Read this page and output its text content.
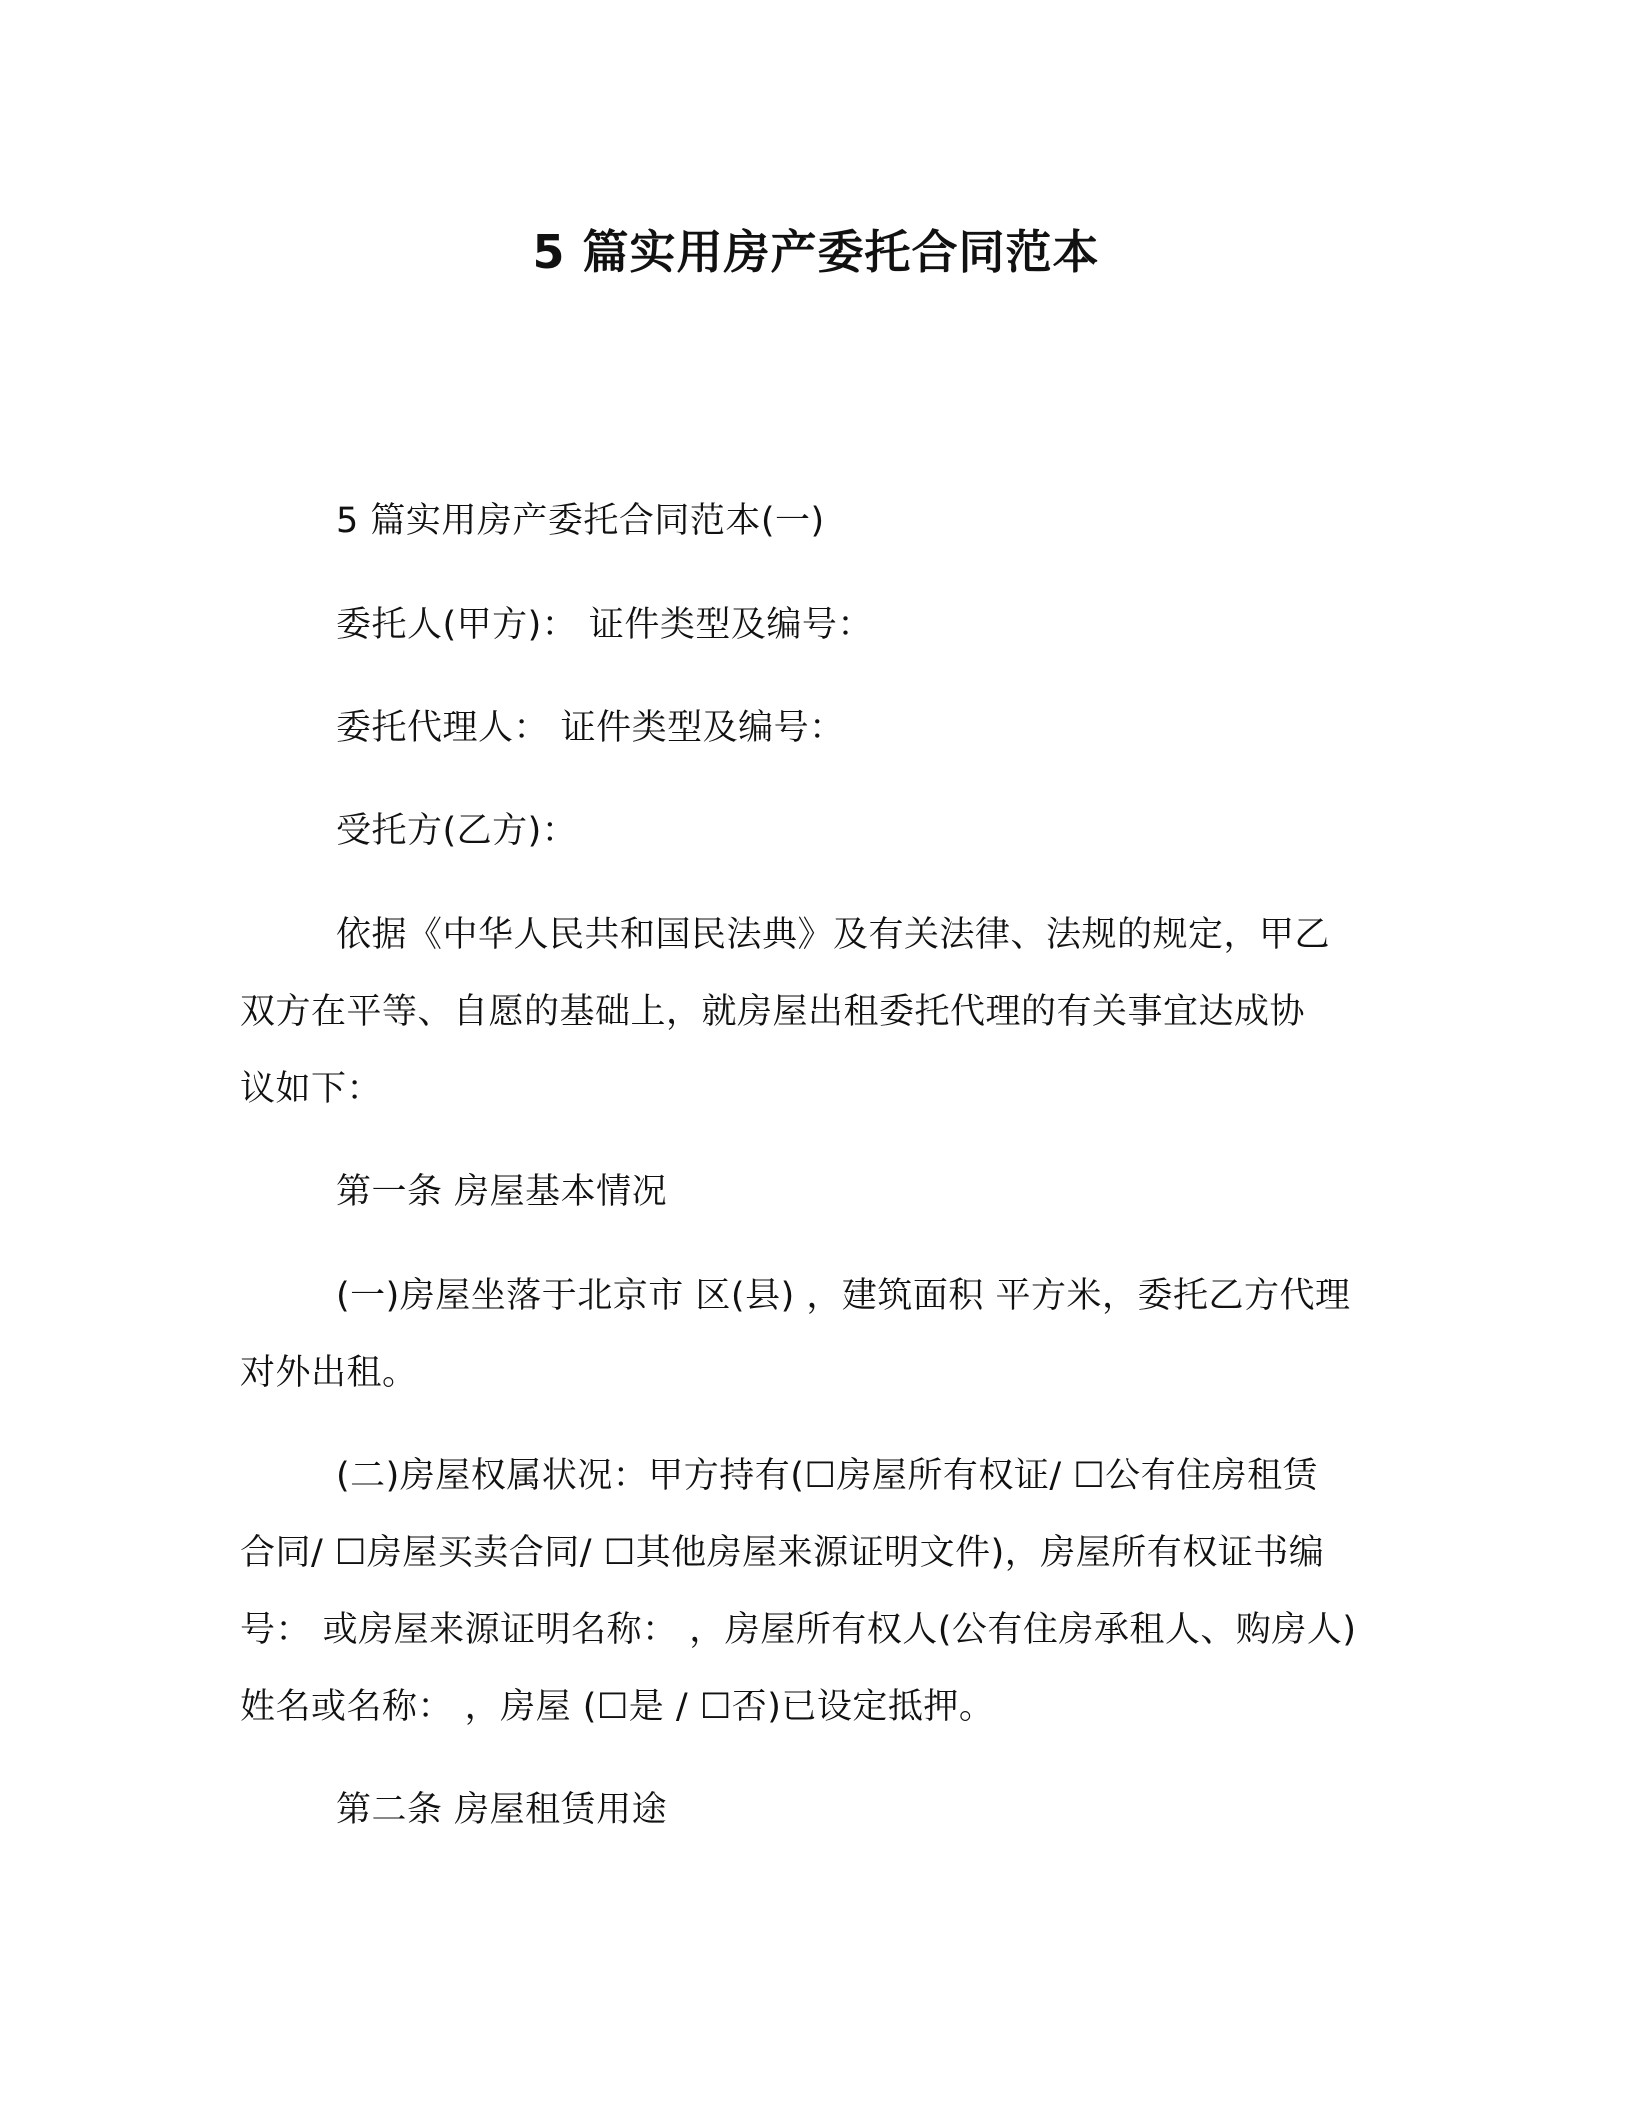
5 篇实用房产委托合同范本
5 篇实用房产委托合同范本(一)
委托人(甲方)： 证件类型及编号：
委托代理人： 证件类型及编号：
受托方(乙方)：
依据《中华人民共和国民法典》及有关法律、法规的规定，甲乙
双方在平等、自愿的基础上，就房屋出租委托代理的有关事宜达成协
议如下：
第一条 房屋基本情况
(一)房屋坐落于北京市 区(县) ，建筑面积 平方米，委托乙方代理
对外出租。
(二)房屋权属状况：甲方持有(☐房屋所有权证/ ☐公有住房租赁
合同/ ☐房屋买卖合同/ ☐其他房屋来源证明文件)，房屋所有权证书编
号： 或房屋来源证明名称： ，房屋所有权人(公有住房承租人、购房人)
姓名或名称： ，房屋 (☐是 / ☐否)已设定抵押。
第二条 房屋租赁用途
